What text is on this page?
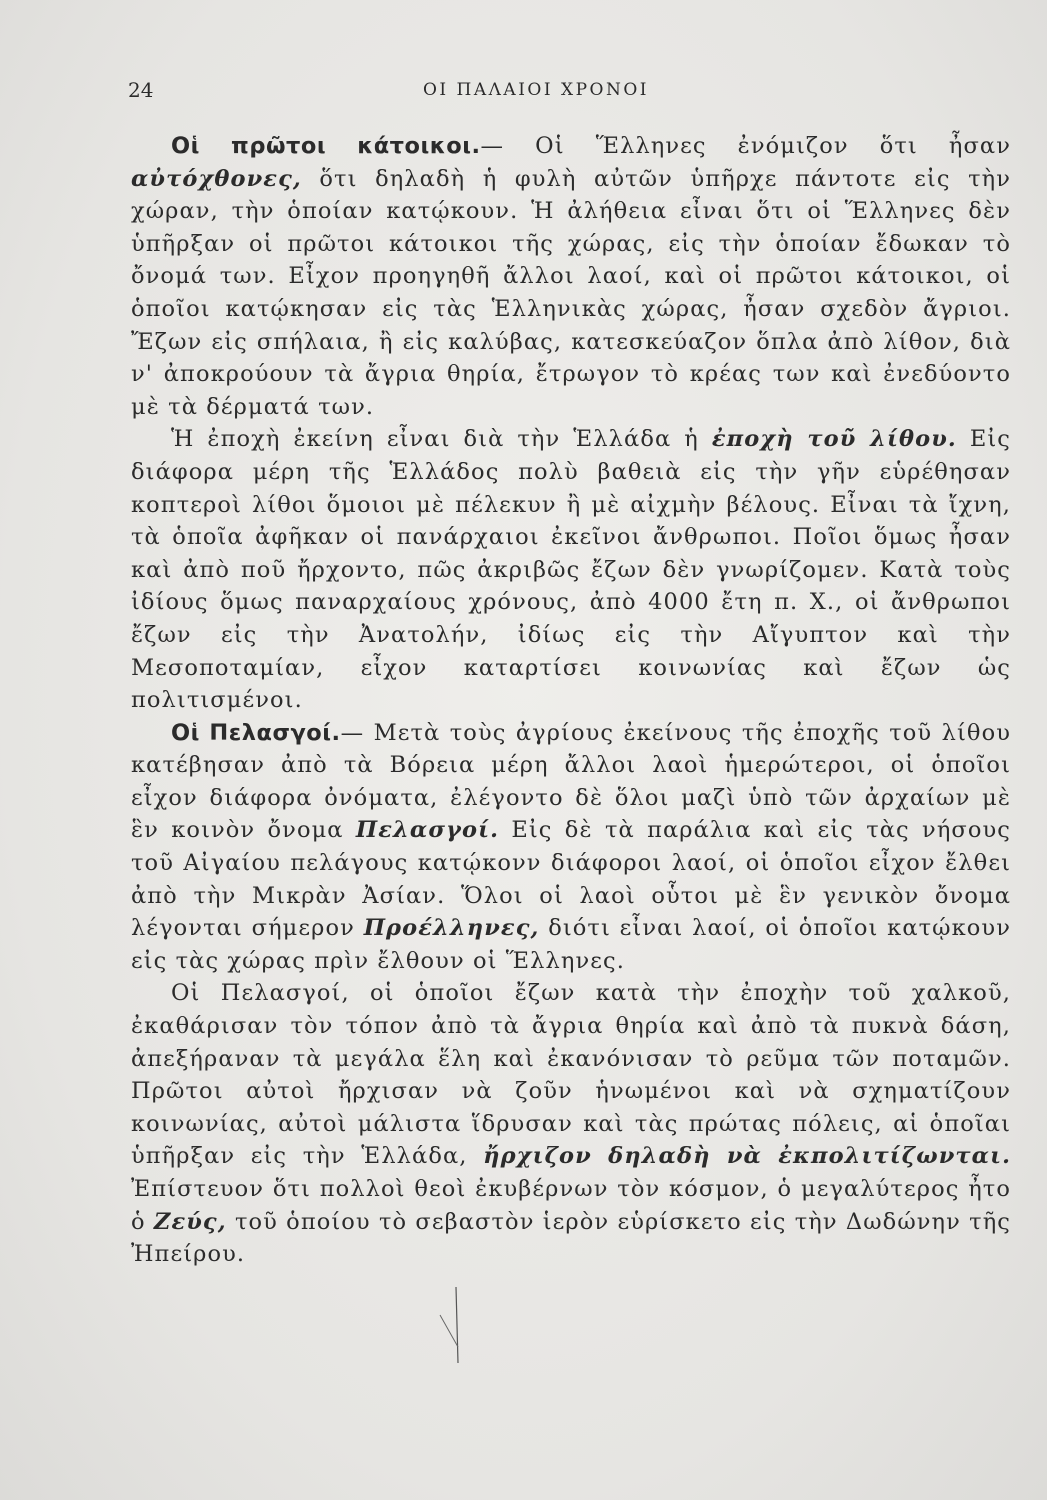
24	ΟΙ ΠΑΛΑΙΟΙ ΧΡΟΝΟΙ

Οἱ πρῶτοι κάτοικοι.— Οἱ Ἕλληνες ἐνόμιζον ὅτι ἦσαν αὐτόχθονες, ὅτι δηλαδὴ ἡ φυλὴ αὐτῶν ὑπῆρχε πάντοτε εἰς τὴν χώραν, τὴν ὁποίαν κατῴκουν. Ἡ ἀλήθεια εἶναι ὅτι οἱ Ἕλληνες δὲν ὑπῆρξαν οἱ πρῶτοι κάτοικοι τῆς χώρας, εἰς τὴν ὁποίαν ἔδωκαν τὸ ὄνομά των. Εἶχον προηγηθῆ ἄλλοι λαοί, καὶ οἱ πρῶτοι κάτοικοι, οἱ ὁποῖοι κατῴκησαν εἰς τὰς Ἑλληνικὰς χώρας, ἦσαν σχεδὸν ἄγριοι. Ἔζων εἰς σπήλαια, ἢ εἰς καλύβας, κατεσκεύαζον ὅπλα ἀπὸ λίθον, διὰ ν' ἀποκρούουν τὰ ἄγρια θηρία, ἔτρωγον τὸ κρέας των καὶ ἐνεδύοντο μὲ τὰ δέρματά των.

Ἡ ἐποχὴ ἐκείνη εἶναι διὰ τὴν Ἑλλάδα ἡ ἐποχὴ τοῦ λίθου. Εἰς διάφορα μέρη τῆς Ἑλλάδος πολὺ βαθειὰ εἰς τὴν γῆν εὑρέθησαν κοπτεροὶ λίθοι ὅμοιοι μὲ πέλεκυν ἢ μὲ αἰχμὴν βέλους. Εἶναι τὰ ἴχνη, τὰ ὁποῖα ἀφῆκαν οἱ πανάρχαιοι ἐκεῖνοι ἄνθρωποι. Ποῖοι ὅμως ἦσαν καὶ ἀπὸ ποῦ ἤρχοντο, πῶς ἀκριβῶς ἔζων δὲν γνωρίζομεν. Κατὰ τοὺς ἰδίους ὅμως παναρχαίους χρόνους, ἀπὸ 4000 ἔτη π. Χ., οἱ ἄνθρωποι ἔζων εἰς τὴν Ἀνατολήν, ἰδίως εἰς τὴν Αἴγυπτον καὶ τὴν Μεσοποταμίαν, εἶχον καταρτίσει κοινωνίας καὶ ἔζων ὡς πολιτισμένοι.

Οἱ Πελασγοί.— Μετὰ τοὺς ἀγρίους ἐκείνους τῆς ἐποχῆς τοῦ λίθου κατέβησαν ἀπὸ τὰ Βόρεια μέρη ἄλλοι λαοὶ ἡμερώτεροι, οἱ ὁποῖοι εἶχον διάφορα ὀνόματα, ἐλέγοντο δὲ ὅλοι μαζὶ ὑπὸ τῶν ἀρχαίων μὲ ἓν κοινὸν ὄνομα Πελασγοί. Εἰς δὲ τὰ παράλια καὶ εἰς τὰς νήσους τοῦ Αἰγαίου πελάγους κατῴκονν διάφοροι λαοί, οἱ ὁποῖοι εἶχον ἔλθει ἀπὸ τὴν Μικρὰν Ἀσίαν. Ὅλοι οἱ λαοὶ οὗτοι μὲ ἓν γενικὸν ὄνομα λέγονται σήμερον Προέλληνες, διότι εἶναι λαοί, οἱ ὁποῖοι κατῴκουν εἰς τὰς χώρας πρὶν ἔλθουν οἱ Ἕλληνες.

Οἱ Πελασγοί, οἱ ὁποῖοι ἔζων κατὰ τὴν ἐποχὴν τοῦ χαλκοῦ, ἐκαθάρισαν τὸν τόπον ἀπὸ τὰ ἄγρια θηρία καὶ ἀπὸ τὰ πυκνὰ δάση, ἀπεξήραναν τὰ μεγάλα ἕλη καὶ ἐκανόνισαν τὸ ρεῦμα τῶν ποταμῶν. Πρῶτοι αὐτοὶ ἤρχισαν νὰ ζοῦν ἡνωμένοι καὶ νὰ σχηματίζουν κοινωνίας, αὐτοὶ μάλιστα ἵδρυσαν καὶ τὰς πρώτας πόλεις, αἱ ὁποῖαι ὑπῆρξαν εἰς τὴν Ἑλλάδα, ἤρχιζον δηλαδὴ νὰ ἐκπολιτίζωνται. Ἐπίστευον ὅτι πολλοὶ θεοὶ ἐκυβέρνων τὸν κόσμον, ὁ μεγαλύτερος ἦτο ὁ Ζεύς, τοῦ ὁποίου τὸ σεβαστὸν ἱερὸν εὑρίσκετο εἰς τὴν Δωδώνην τῆς Ἠπείρου.
